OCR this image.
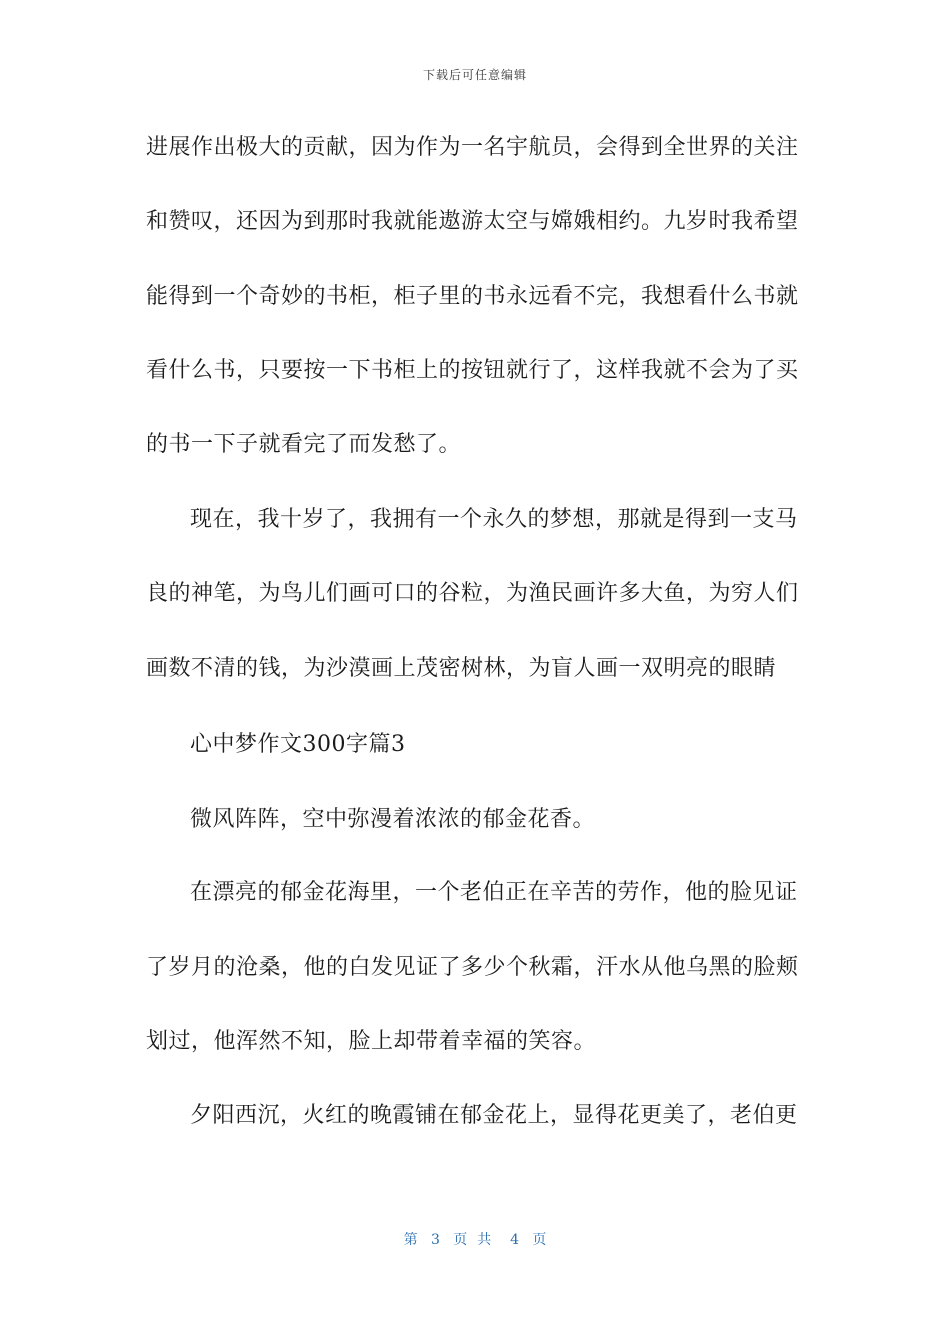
下载后可任意编辑
进展作出极大的贡献，因为作为一名宇航员，会得到全世界的关注
和赞叹，还因为到那时我就能遨游太空与嫦娥相约。九岁时我希望
能得到一个奇妙的书柜，柜子里的书永远看不完，我想看什么书就
看什么书，只要按一下书柜上的按钮就行了，这样我就不会为了买
的书一下子就看完了而发愁了。
现在，我十岁了，我拥有一个永久的梦想，那就是得到一支马
良的神笔，为鸟儿们画可口的谷粒，为渔民画许多大鱼，为穷人们
画数不清的钱，为沙漠画上茂密树林，为盲人画一双明亮的眼睛
心中梦作文300字篇3
微风阵阵，空中弥漫着浓浓的郁金花香。
在漂亮的郁金花海里，一个老伯正在辛苦的劳作，他的脸见证
了岁月的沧桑，他的白发见证了多少个秋霜，汗水从他乌黑的脸颊
划过，他浑然不知，脸上却带着幸福的笑容。
夕阳西沉，火红的晚霞铺在郁金花上，显得花更美了，老伯更
第 3 页共 4 页
